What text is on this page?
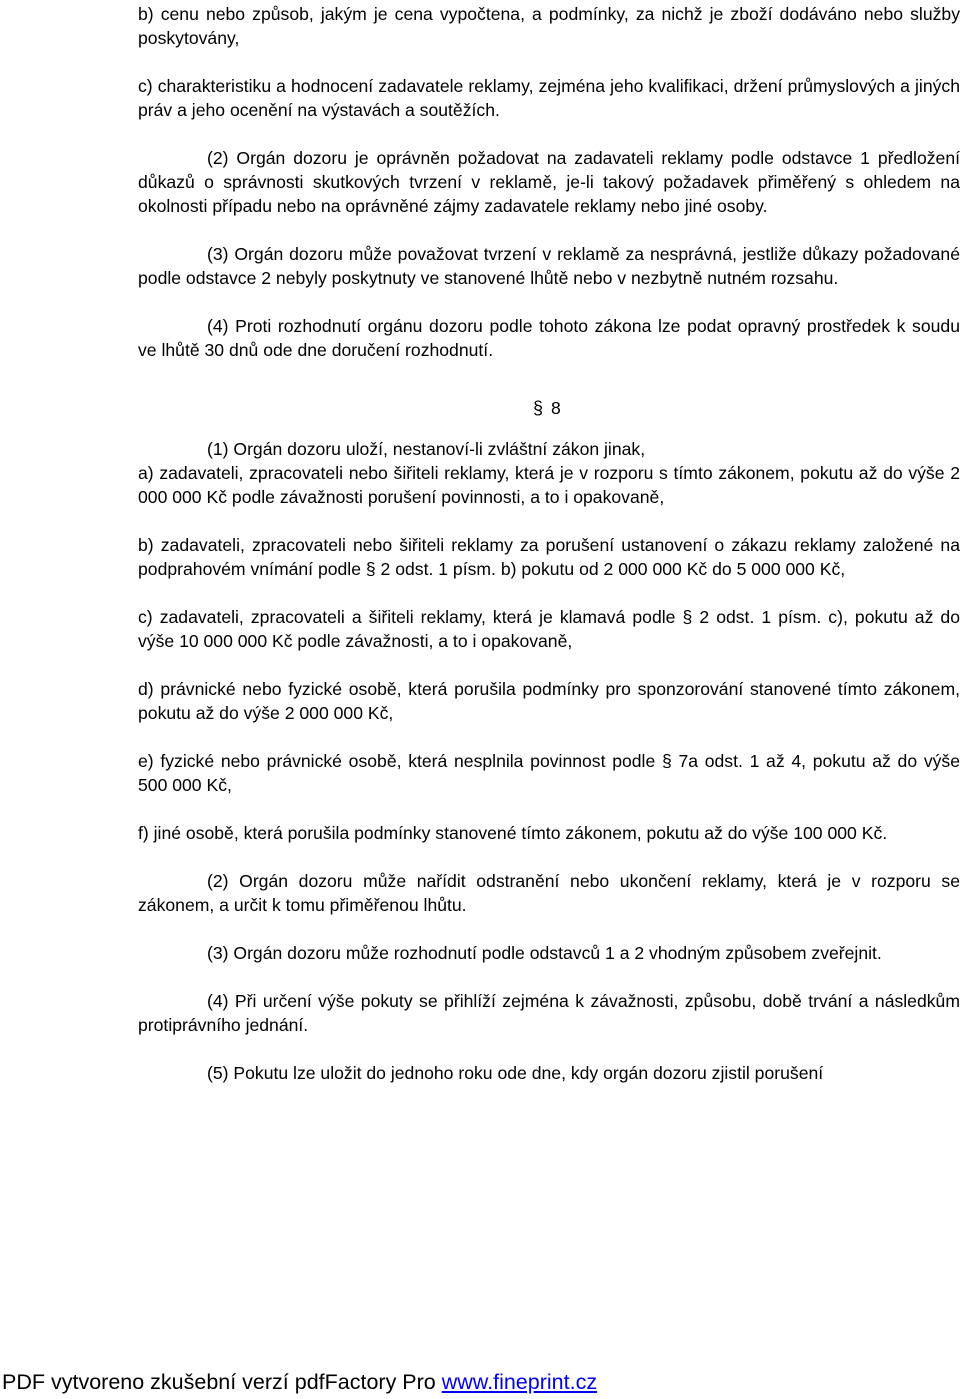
b) cenu nebo způsob, jakým je cena vypočtena, a podmínky, za nichž je zboží dodáváno nebo služby poskytovány,

c) charakteristiku a hodnocení zadavatele reklamy, zejména jeho kvalifikaci, držení průmyslových a jiných práv a jeho ocenění na výstavách a soutěžích.

(2) Orgán dozoru je oprávněn požadovat na zadavateli reklamy podle odstavce 1 předložení důkazů o správnosti skutkových tvrzení v reklamě, je-li takový požadavek přiměřený s ohledem na okolnosti případu nebo na oprávněné zájmy zadavatele reklamy nebo jiné osoby.

(3) Orgán dozoru může považovat tvrzení v reklamě za nesprávná, jestliže důkazy požadované podle odstavce 2 nebyly poskytnuty ve stanovené lhůtě nebo v nezbytně nutném rozsahu.

(4) Proti rozhodnutí orgánu dozoru podle tohoto zákona lze podat opravný prostředek k soudu ve lhůtě 30 dnů ode dne doručení rozhodnutí.

§ 8

(1) Orgán dozoru uloží, nestanoví-li zvláštní zákon jinak,

a) zadavateli, zpracovateli nebo šiřiteli reklamy, která je v rozporu s tímto zákonem, pokutu až do výše 2 000 000 Kč podle závažnosti porušení povinnosti, a to i opakovaně,

b) zadavateli, zpracovateli nebo šiřiteli reklamy za porušení ustanovení o zákazu reklamy založené na podprahovém vnímání podle § 2 odst. 1 písm. b) pokutu od 2 000 000 Kč do 5 000 000 Kč,

c) zadavateli, zpracovateli a šiřiteli reklamy, která je klamavá podle § 2 odst. 1 písm. c), pokutu až do výše 10 000 000 Kč podle závažnosti, a to i opakovaně,

d) právnické nebo fyzické osobě, která porušila podmínky pro sponzorování stanovené tímto zákonem, pokutu až do výše 2 000 000 Kč,

e) fyzické nebo právnické osobě, která nesplnila povinnost podle § 7a odst. 1 až 4, pokutu až do výše 500 000 Kč,

f) jiné osobě, která porušila podmínky stanovené tímto zákonem, pokutu až do výše 100 000 Kč.

(2) Orgán dozoru může nařídit odstranění nebo ukončení reklamy, která je v rozporu se zákonem, a určit k tomu přiměřenou lhůtu.

(3) Orgán dozoru může rozhodnutí podle odstavců 1 a 2 vhodným způsobem zveřejnit.

(4) Při určení výše pokuty se přihlíží zejména k závažnosti, způsobu, době trvání a následkům protiprávního jednání.

(5) Pokutu lze uložit do jednoho roku ode dne, kdy orgán dozoru zjistil porušení

PDF vytvoreno zkušební verzí pdfFactory Pro www.fineprint.cz
